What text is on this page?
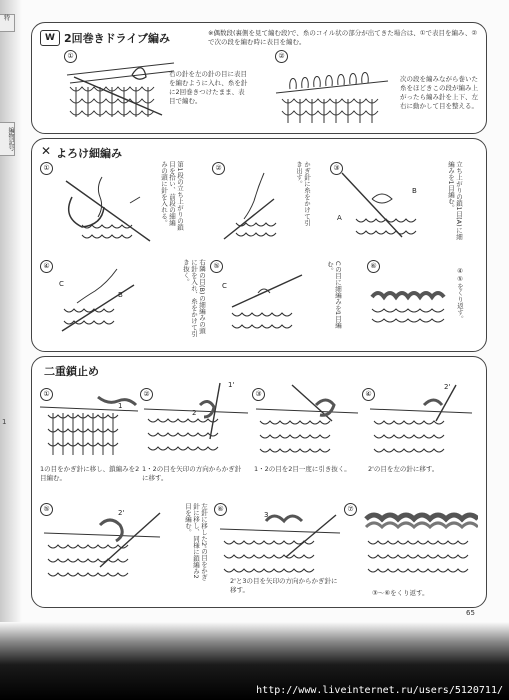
特
編物記号
1
W 2回巻きドライブ編み	※偶数段(裏側を見て編む段)で、糸のコイル状の部分が出てきた場合は、①で表目を編み、②で次の段を編む時に表目を編む。
①
右の針を左の針の目に表目を編むように入れ、糸を針に2回巻きつけたまま、表目で編む。
②
次の段を編みながら巻いた糸をほどきこの段が編み上がったら編み針を上下、左右に動かして目を整える。
✕ よろけ細編み
①	第1段の立ち上がりの鎖目を拾い、前段の細編みの頭に針を入れる。	②	かぎ針に糸をかけて引き出す。	③
A
B	立ち上がりの鎖1目(A)に細編みを1目編む。
④
C
B	右隣の目(B)の細編みの頭に針を入れ、糸をかけて引き抜く。	⑤
C	Cの目に細編みを1目編む。	⑥
④⑤をくり返す。
二重鎖止め
①
1
1の目をかぎ針に移し、鎖編みを2目編む。
②
2
1'
1・2の目を矢印の方向からかぎ針に移す。
③
1・2の目を2目一度に引き抜く。
④
2'
2'の目を左の針に移す。
⑤	2'	左針に移した2'の目をかぎ針に移し、同様に鎖編み2目を編む。	⑥
3
2'と3の目を矢印の方向からかぎ針に移す。
⑦
③〜⑥をくり返す。
65
http://www.liveinternet.ru/users/5120711/
